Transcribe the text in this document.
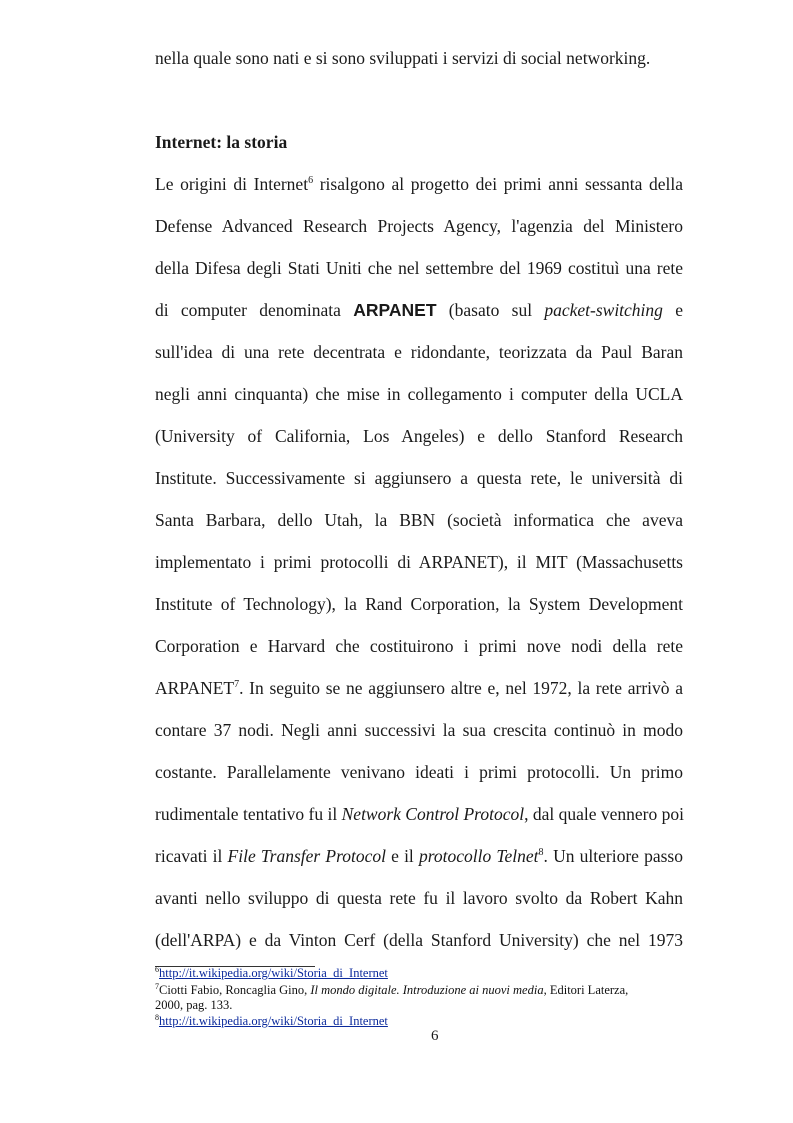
nella quale sono nati e si sono sviluppati i servizi di social networking.
Internet: la storia
Le origini di Internet$^6$ risalgono al progetto dei primi anni sessanta della
Defense Advanced Research Projects Agency, l'agenzia del Ministero
della Difesa degli Stati Uniti che nel settembre del 1969 costituì una rete
di computer denominata ARPANET (basato sul packet-switching e
sull'idea di una rete decentrata e ridondante, teorizzata da Paul Baran
negli anni cinquanta) che mise in collegamento i computer della UCLA
(University of California, Los Angeles) e dello Stanford Research
Institute. Successivamente si aggiunsero a questa rete, le università di
Santa Barbara, dello Utah, la BBN (società informatica che aveva
implementato i primi protocolli di ARPANET), il MIT (Massachusetts
Institute of Technology), la Rand Corporation, la System Development
Corporation e Harvard che costituirono i primi nove nodi della rete
ARPANET$^7$. In seguito se ne aggiunsero altre e, nel 1972, la rete arrivò a
contare 37 nodi. Negli anni successivi la sua crescita continuò in modo
costante. Parallelamente venivano ideati i primi protocolli. Un primo
rudimentale tentativo fu il Network Control Protocol, dal quale vennero poi
ricavati il File Transfer Protocol e il protocollo Telnet$^8$. Un ulteriore passo
avanti nello sviluppo di questa rete fu il lavoro svolto da Robert Kahn
(dell'ARPA) e da Vinton Cerf (della Stanford University) che nel 1973
$^6$http://it.wikipedia.org/wiki/Storia_di_Internet
$^7$Ciotti Fabio, Roncaglia Gino, Il mondo digitale. Introduzione ai nuovi media, Editori Laterza,
2000, pag. 133.
$^8$http://it.wikipedia.org/wiki/Storia_di_Internet
6
